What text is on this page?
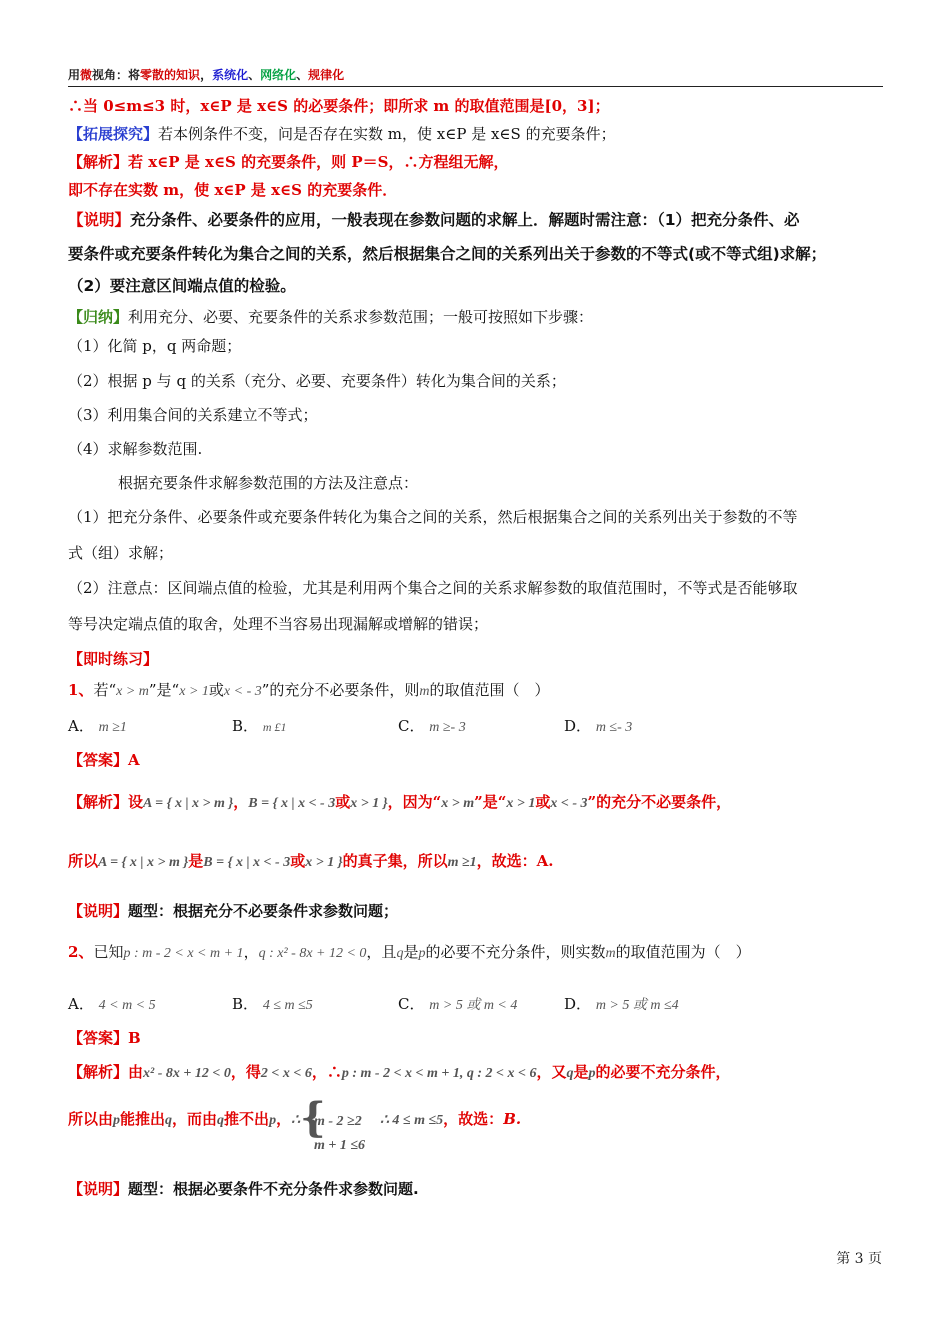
用微视角：将零散的知识，系统化、网络化、规律化
∴当 0≤m≤3 时，x∈P 是 x∈S 的必要条件；即所求 m 的取值范围是[0，3]；
【拓展探究】若本例条件不变，问是否存在实数 m，使 x∈P 是 x∈S 的充要条件；
【解析】若 x∈P 是 x∈S 的充要条件，则 P＝S，∴方程组无解，
即不存在实数 m，使 x∈P 是 x∈S 的充要条件．
【说明】充分条件、必要条件的应用，一般表现在参数问题的求解上．解题时需注意：（1）把充分条件、必
要条件或充要条件转化为集合之间的关系，然后根据集合之间的关系列出关于参数的不等式(或不等式组)求解；
（2）要注意区间端点值的检验。
【归纳】利用充分、必要、充要条件的关系求参数范围；一般可按照如下步骤：
（1）化简 p，q 两命题；
（2）根据 p 与 q 的关系（充分、必要、充要条件）转化为集合间的关系；
（3）利用集合间的关系建立不等式；
（4）求解参数范围.
根据充要条件求解参数范围的方法及注意点：
（1）把充分条件、必要条件或充要条件转化为集合之间的关系，然后根据集合之间的关系列出关于参数的不等
式（组）求解；
（2）注意点：区间端点值的检验，尤其是利用两个集合之间的关系求解参数的取值范围时，不等式是否能够取
等号决定端点值的取舍，处理不当容易出现漏解或增解的错误；
【即时练习】
1、若“x > m”是“x > 1或x < - 3”的充分不必要条件，则m的取值范围（　）
A． m ≥1	B． m £1	C． m ≥- 3	D． m ≤- 3
【答案】A
【解析】设A = { x | x > m }，B = { x | x < - 3或x > 1 }，因为“x > m”是“x > 1或x < - 3”的充分不必要条件，
所以A = { x | x > m }是B = { x | x < - 3或x > 1 }的真子集，所以m ≥1，故选：A.
【说明】题型：根据充分不必要条件求参数问题；
2、已知p : m - 2 < x < m + 1，q : x² - 8x + 12 < 0，且q是p的必要不充分条件，则实数m的取值范围为（　）
A． 4 < m < 5	B． 4 ≤ m ≤5	C． m > 5 或 m < 4	D． m > 5 或 m ≤4
【答案】B
【解析】由x² - 8x + 12 < 0，得2 < x < 6，∴p : m - 2 < x < m + 1, q : 2 < x < 6，又q是p的必要不充分条件，
所以由p能推出q，而由q推不出p，∴ {
m - 2 ≥2
m + 1 ≤6
∴ 4 ≤ m ≤5，故选：B.
【说明】题型：根据必要条件不充分条件求参数问题.
第 3 页
